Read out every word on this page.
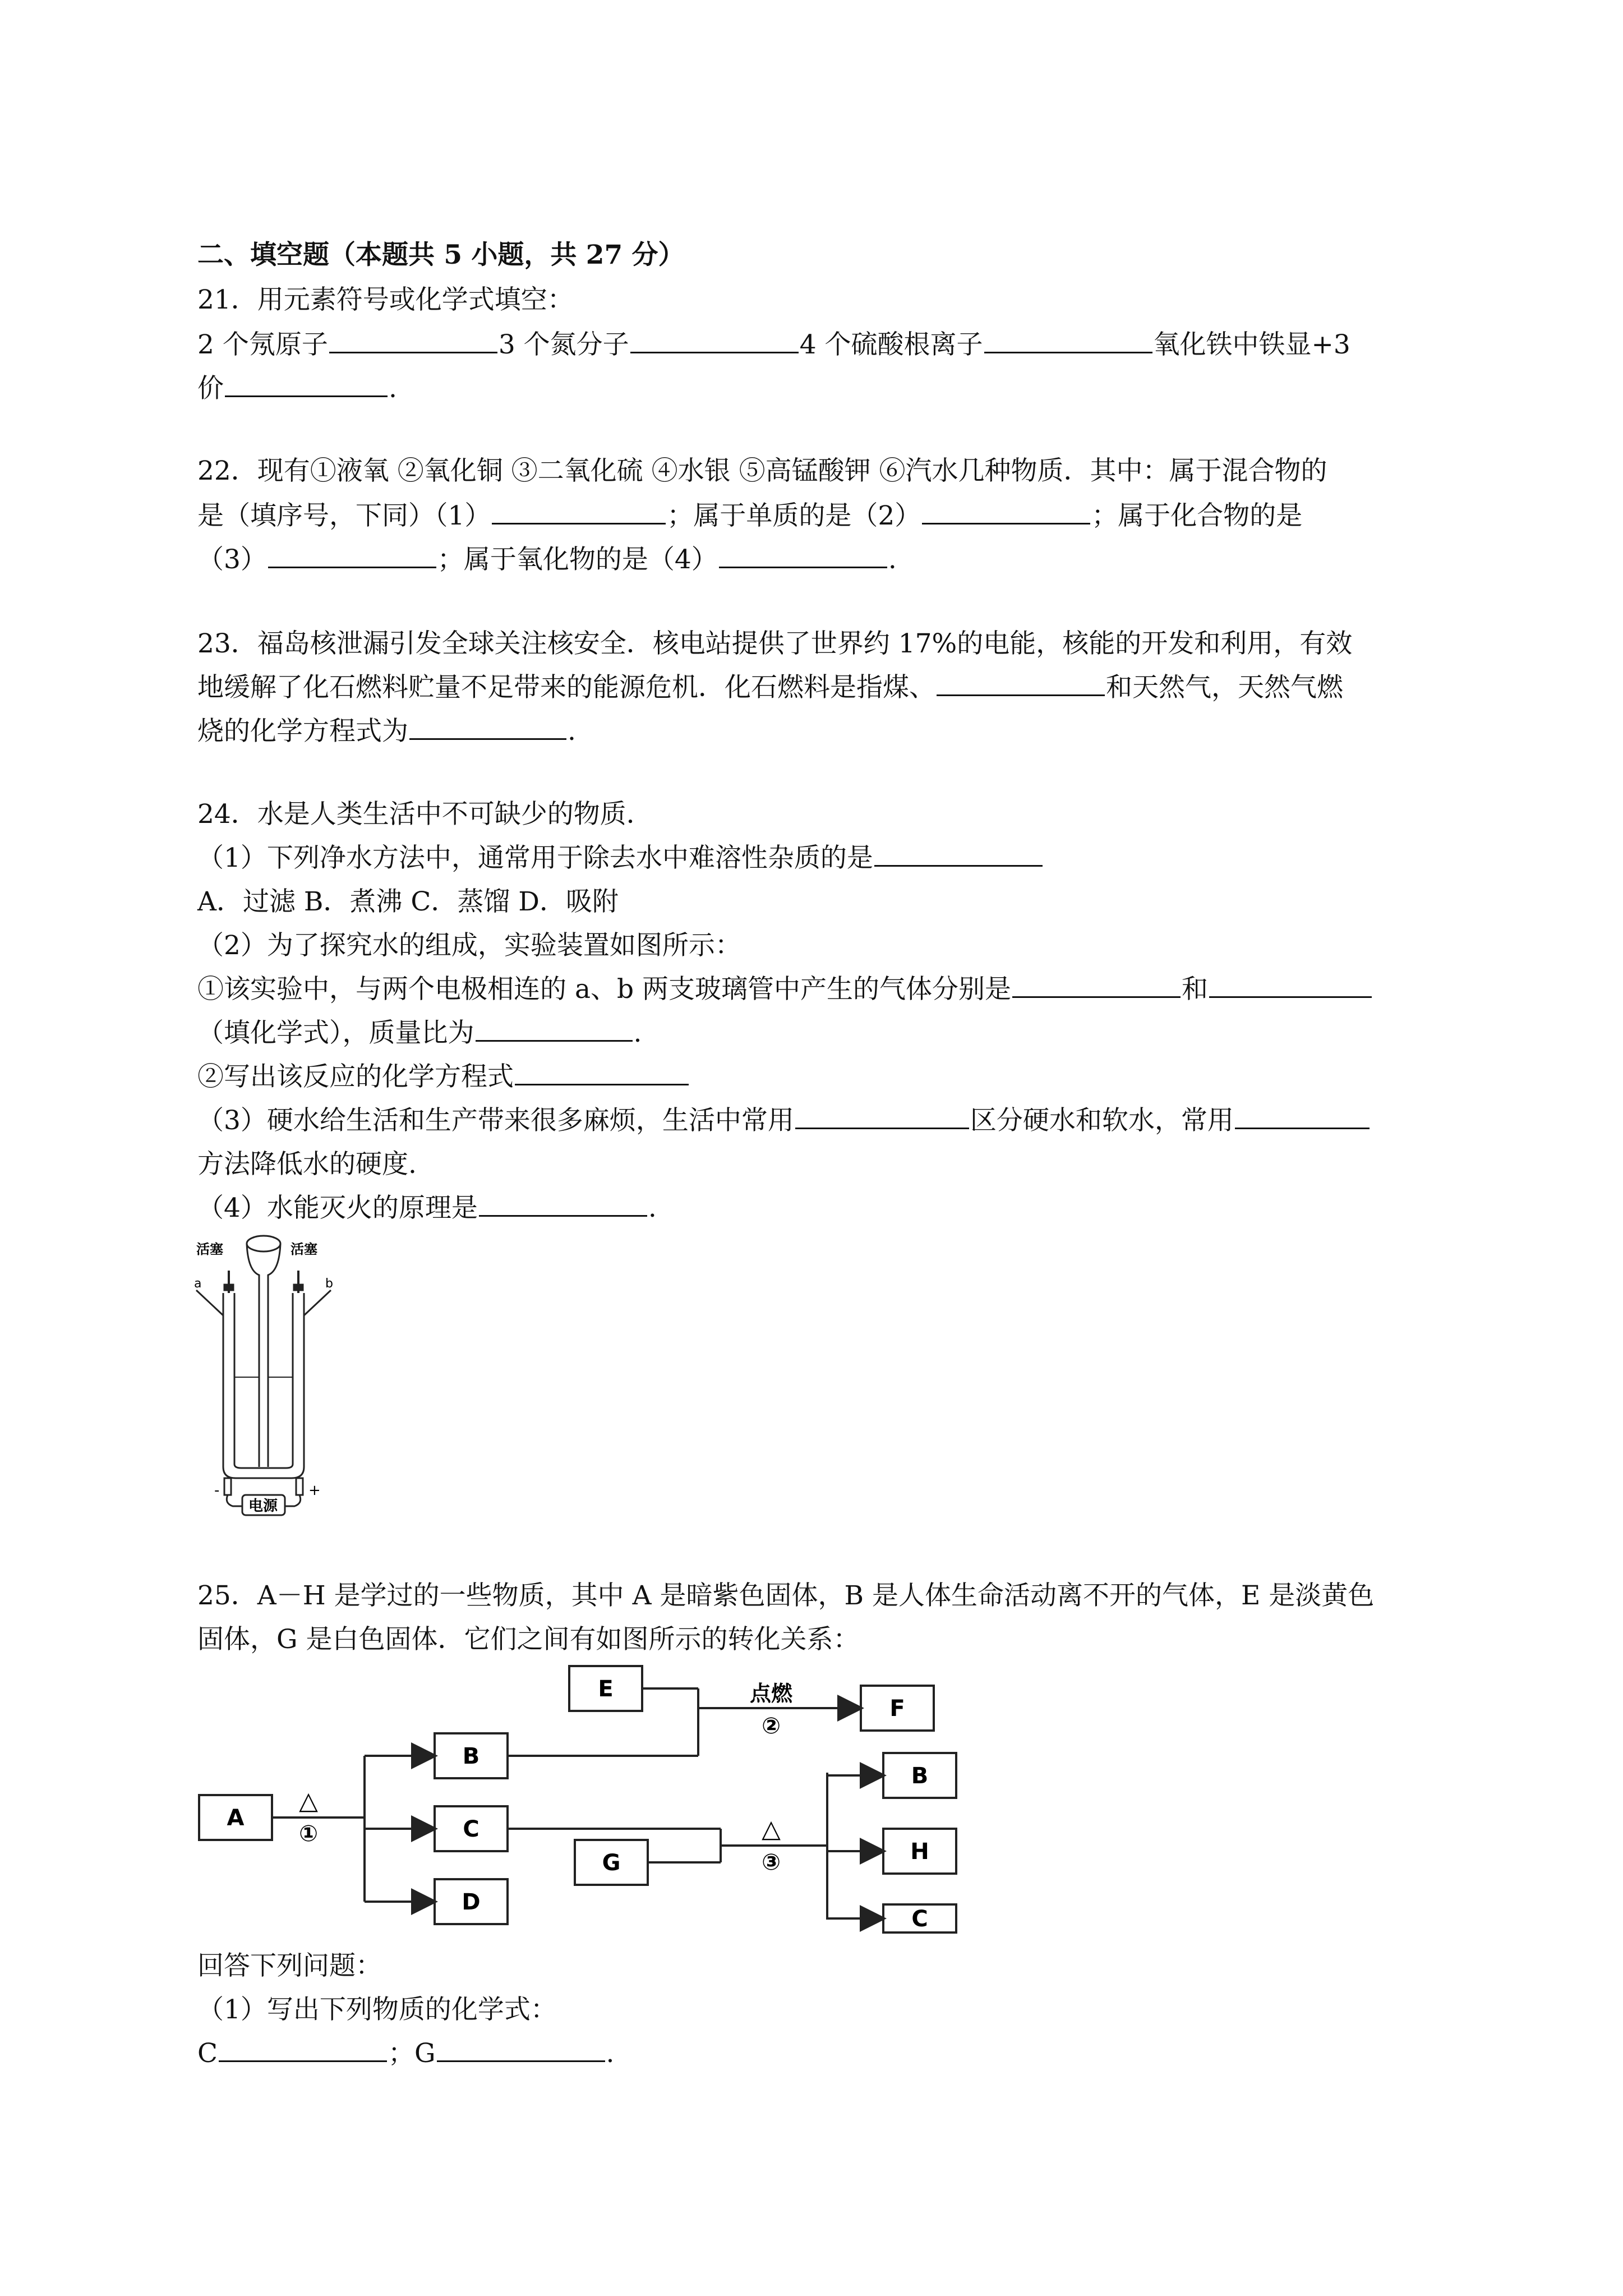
二、填空题（本题共 5 小题，共 27 分）
21．用元素符号或化学式填空：
2 个氖原子	3 个氮分子	4 个硫酸根离子	氧化铁中铁显+3
价	.
22．现有①液氧 ②氧化铜 ③二氧化硫 ④水银 ⑤高锰酸钾 ⑥汽水几种物质．其中：属于混合物的
是（填序号，下同）（1）	；属于单质的是（2）	；属于化合物的是
（3）	；属于氧化物的是（4）	.
23．福岛核泄漏引发全球关注核安全．核电站提供了世界约 17%的电能，核能的开发和利用，有效
地缓解了化石燃料贮量不足带来的能源危机．化石燃料是指煤、	和天然气，天然气燃
烧的化学方程式为	.
24．水是人类生活中不可缺少的物质．
（1）下列净水方法中，通常用于除去水中难溶性杂质的是
A．过滤 B．煮沸 C．蒸馏 D．吸附
（2）为了探究水的组成，实验装置如图所示：
①该实验中，与两个电极相连的 a、b 两支玻璃管中产生的气体分别是	和
（填化学式），质量比为	.
②写出该反应的化学方程式
（3）硬水给生活和生产带来很多麻烦，生活中常用	区分硬水和软水，常用
方法降低水的硬度.
（4）水能灭火的原理是	.
活塞	活塞
a	b
-	+
电源
25．A－H 是学过的一些物质，其中 A 是暗紫色固体，B 是人体生命活动离不开的气体，E 是淡黄色
固体，G 是白色固体．它们之间有如图所示的转化关系：
A
B
C
D
E
F
G
B
H
C
△
①
点燃
②
△
③
回答下列问题：
（1）写出下列物质的化学式：
C	；G	.
